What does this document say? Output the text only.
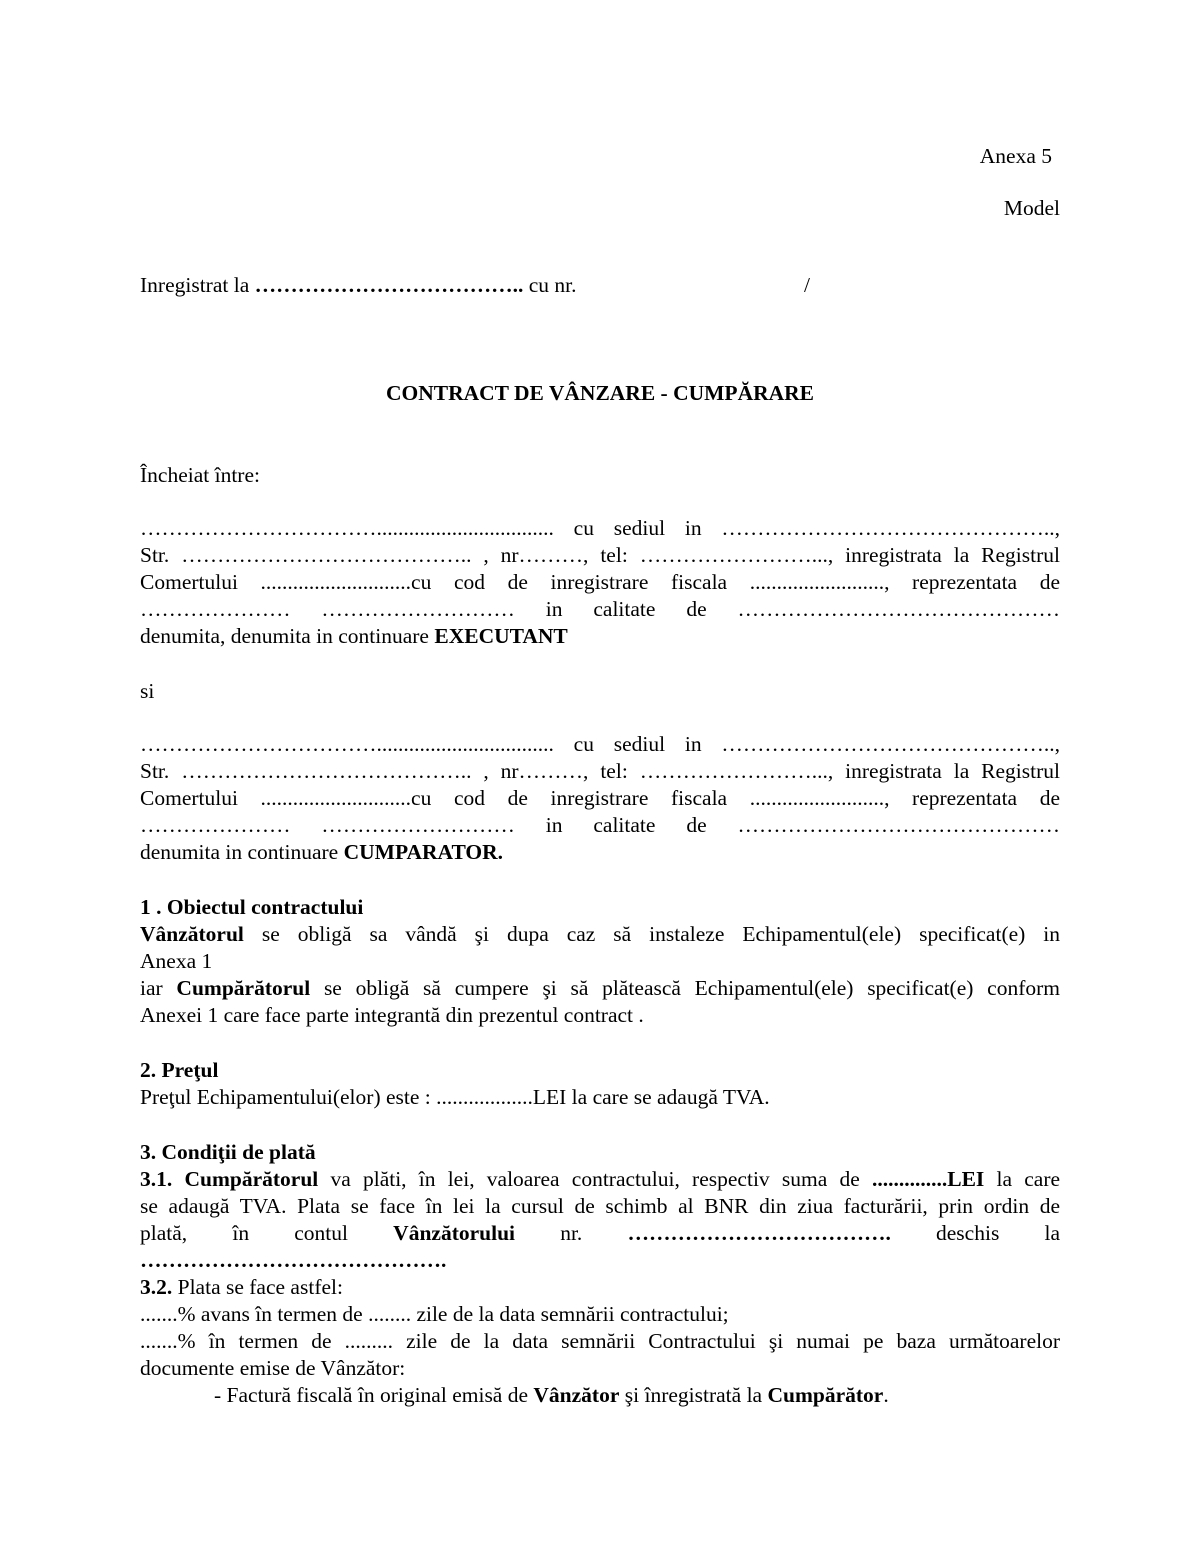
Anexa 5
Model
Inregistrat la ……………………………….. cu nr.	/
CONTRACT DE VÂNZARE - CUMPĂRARE
Încheiat între:
……………………………................................. cu sediul in ………………………………………..,
Str. ………………………………….. , nr………, tel: ……………………..., inregistrata la Registrul
Comertului ............................cu cod de inregistrare fiscala ........................., reprezentata de
………………… ……………………… in calitate de ………………………………………
denumita, denumita in continuare EXECUTANT
si
……………………………................................. cu sediul in ………………………………………..,
Str. ………………………………….. , nr………, tel: ……………………..., inregistrata la Registrul
Comertului ............................cu cod de inregistrare fiscala ........................., reprezentata de
………………… ……………………… in calitate de ………………………………………
denumita in continuare CUMPARATOR.
1 . Obiectul contractului
Vânzătorul se obligă sa vândă şi dupa caz să instaleze Echipamentul(ele) specificat(e) in
Anexa 1
iar Cumpărătorul se obligă să cumpere şi să plătească Echipamentul(ele) specificat(e) conform
Anexei 1 care face parte integrantă din prezentul contract .
2. Preţul
Preţul Echipamentului(elor) este : ..................LEI la care se adaugă TVA.
3. Condiţii de plată
3.1. Cumpărătorul va plăti, în lei, valoarea contractului, respectiv suma de ..............LEI la care
se adaugă TVA. Plata se face în lei la cursul de schimb al BNR din ziua facturării, prin ordin de
plată, în contul Vânzătorului nr. ………………………………. deschis la
…………………………………….
3.2. Plata se face astfel:
.......% avans în termen de ........ zile de la data semnării contractului;
.......% în termen de ......... zile de la data semnării Contractului şi numai pe baza următoarelor
documente emise de Vânzător:
- Factură fiscală în original emisă de Vânzător şi înregistrată la Cumpărător.
